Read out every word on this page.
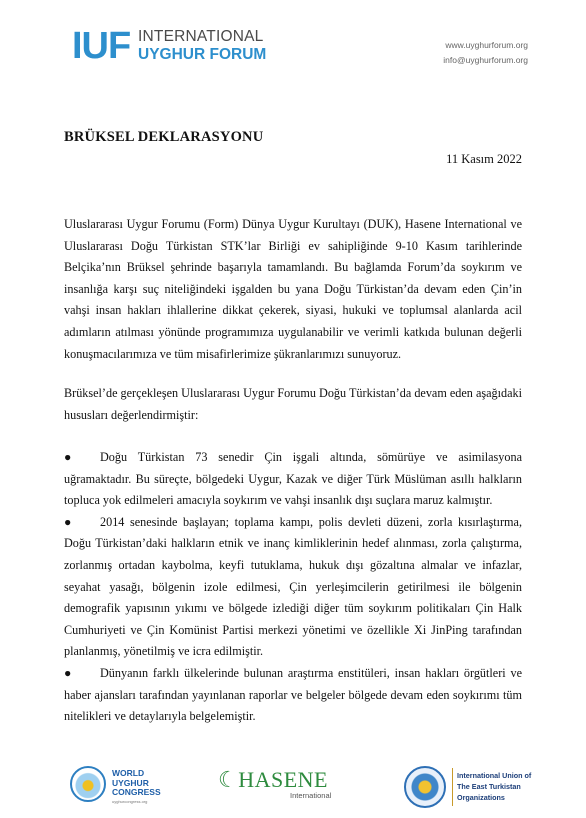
IUF INTERNATIONAL
UYGHUR FORUM
www.uyghurforum.org
info@uyghurforum.org
BRÜKSEL DEKLARASYONU
11 Kasım 2022
Uluslararası Uygur Forumu (Form) Dünya Uygur Kurultayı (DUK), Hasene International ve Uluslararası Doğu Türkistan STK’lar Birliği ev sahipliğinde 9-10 Kasım tarihlerinde Belçika’nın Brüksel şehrinde başarıyla tamamlandı. Bu bağlamda Forum’da soykırım ve insanlığa karşı suç niteliğindeki işgalden bu yana Doğu Türkistan’da devam eden Çin’in vahşi insan hakları ihlallerine dikkat çekerek, siyasi, hukuki ve toplumsal alanlarda acil adımların atılması yönünde programımıza uygulanabilir ve verimli katkıda bulunan değerli konuşmacılarımıza ve tüm misafirlerimize şükranlarımızı sunuyoruz.
Brüksel’de gerçekleşen Uluslararası Uygur Forumu Doğu Türkistan’da devam eden aşağıdaki hususları değerlendirmiştir:
● Doğu Türkistan 73 senedir Çin işgali altında, sömürüye ve asimilasyona uğramaktadır. Bu süreçte, bölgedeki Uygur, Kazak ve diğer Türk Müslüman asıllı halkların topluca yok edilmeleri amacıyla soykırım ve vahşi insanlık dışı suçlara maruz kalmıştır.
● 2014 senesinde başlayan; toplama kampı, polis devleti düzeni, zorla kısırlaştırma, Doğu Türkistan’daki halkların etnik ve inanç kimliklerinin hedef alınması, zorla çalıştırma, zorlanmış ortadan kaybolma, keyfi tutuklama, hukuk dışı gözaltına almalar ve infazlar, seyahat yasağı, bölgenin izole edilmesi, Çin yerleşimcilerin getirilmesi ile bölgenin demografik yapısının yıkımı ve bölgede izlediği diğer tüm soykırım politikaları Çin Halk Cumhuriyeti ve Çin Komünist Partisi merkezi yönetimi ve özellikle Xi JinPing tarafından planlanmış, yönetilmiş ve icra edilmiştir.
● Dünyanın farklı ülkelerinde bulunan araştırma enstitüleri, insan hakları örgütleri ve haber ajansları tarafından yayınlanan raporlar ve belgeler bölgede devam eden soykırımı tüm nitelikleri ve detaylarıyla belgelemiştir.
WORLD
UYGHUR
CONGRESS
uyghurcongress.org
☾HASENE
International
International Union of
The East Turkistan
Organizations
